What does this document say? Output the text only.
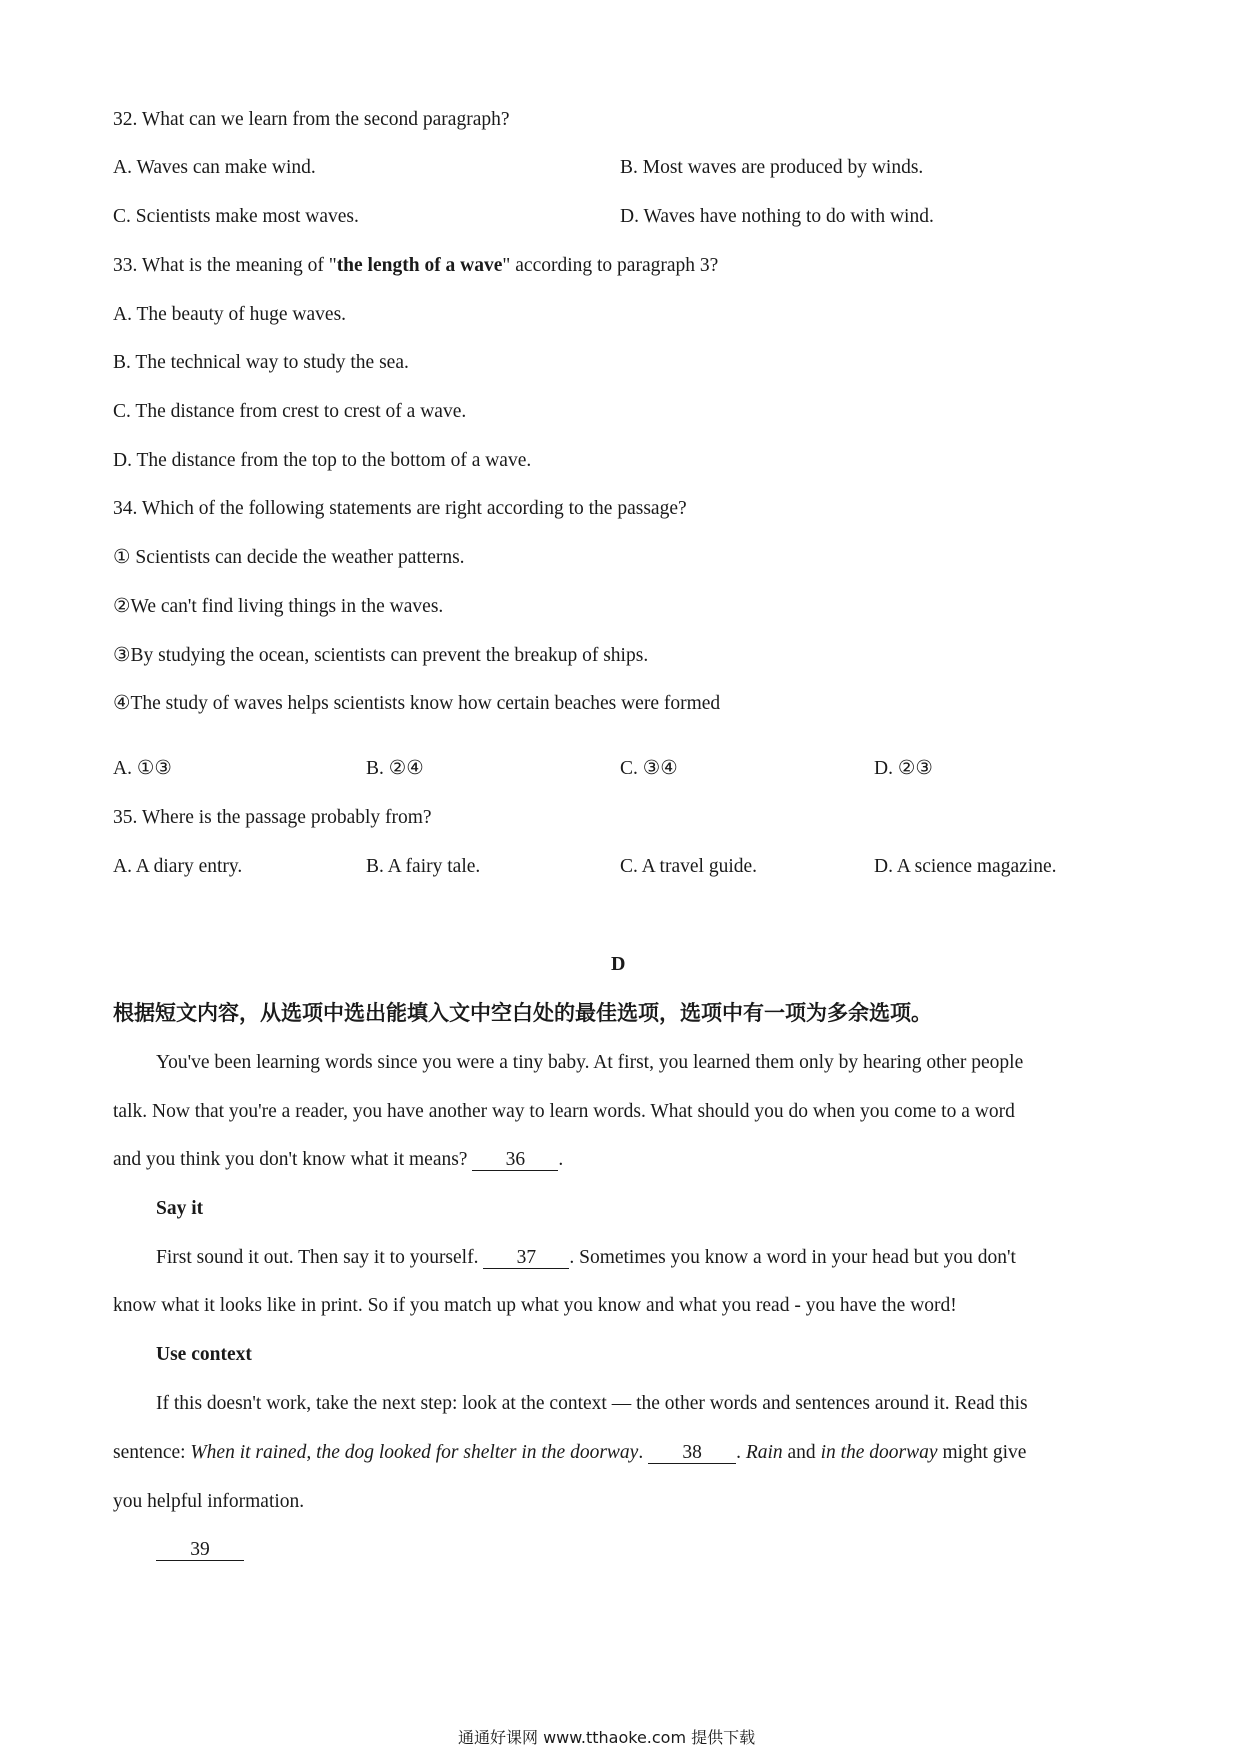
32. What can we learn from the second paragraph?
A. Waves can make wind.	B. Most waves are produced by winds.
C. Scientists make most waves.	D. Waves have nothing to do with wind.
33. What is the meaning of "the length of a wave" according to paragraph 3?
A. The beauty of huge waves.
B. The technical way to study the sea.
C. The distance from crest to crest of a wave.
D. The distance from the top to the bottom of a wave.
34. Which of the following statements are right according to the passage?
① Scientists can decide the weather patterns.
②We can't find living things in the waves.
③By studying the ocean, scientists can prevent the breakup of ships.
④The study of waves helps scientists know how certain beaches were formed
A. ①③	B. ②④	C. ③④	D. ②③
35. Where is the passage probably from?
A. A diary entry.	B. A fairy tale.	C. A travel guide.	D. A science magazine.
D
根据短文内容，从选项中选出能填入文中空白处的最佳选项，选项中有一项为多余选项。
You've been learning words since you were a tiny baby. At first, you learned them only by hearing other people
talk. Now that you're a reader, you have another way to learn words. What should you do when you come to a word
and you think you don't know what it means? 36 .
Say it
First sound it out. Then say it to yourself. 37 . Sometimes you know a word in your head but you don't
know what it looks like in print. So if you match up what you know and what you read - you have the word!
Use context
If this doesn't work, take the next step: look at the context — the other words and sentences around it. Read this
sentence: When it rained, the dog looked for shelter in the doorway. 38 . Rain and in the doorway might give
you helpful information.
39
通通好课网 www.tthaoke.com 提供下载
